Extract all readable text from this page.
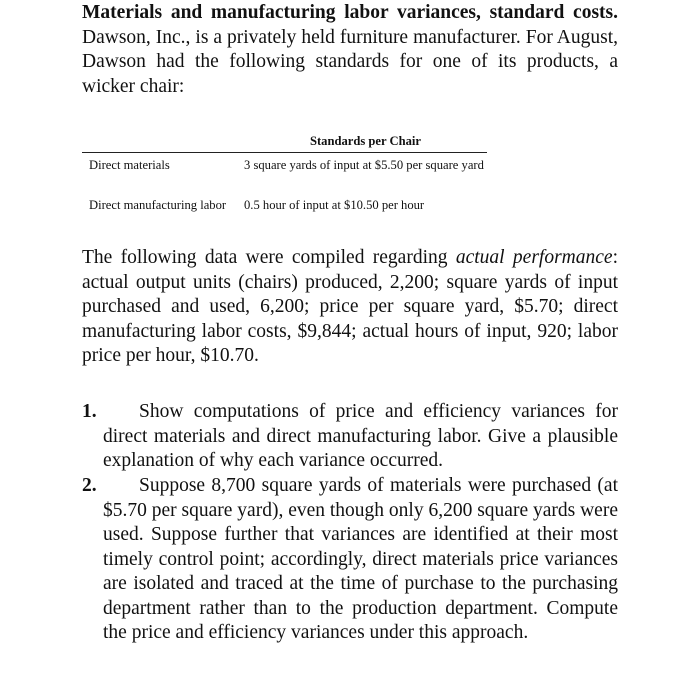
Materials and manufacturing labor variances, standard costs. Dawson, Inc., is a privately held furniture manufacturer. For August, Dawson had the following standards for one of its products, a wicker chair:

Standards per Chair
Direct materials	3 square yards of input at $5.50 per square yard
Direct manufacturing labor 0.5 hour of input at $10.50 per hour

The following data were compiled regarding actual performance: actual output units (chairs) produced, 2,200; square yards of input purchased and used, 6,200; price per square yard, $5.70; direct manufacturing labor costs, $9,844; actual hours of input, 920; labor price per hour, $10.70.

1.	Show computations of price and efficiency variances for direct materials and direct manufacturing labor. Give a plausible explanation of why each variance occurred.
2.	Suppose 8,700 square yards of materials were purchased (at $5.70 per square yard), even though only 6,200 square yards were used. Suppose further that variances are identified at their most timely control point; accordingly, direct materials price variances are isolated and traced at the time of purchase to the purchasing department rather than to the production department. Compute the price and efficiency variances under this approach.
